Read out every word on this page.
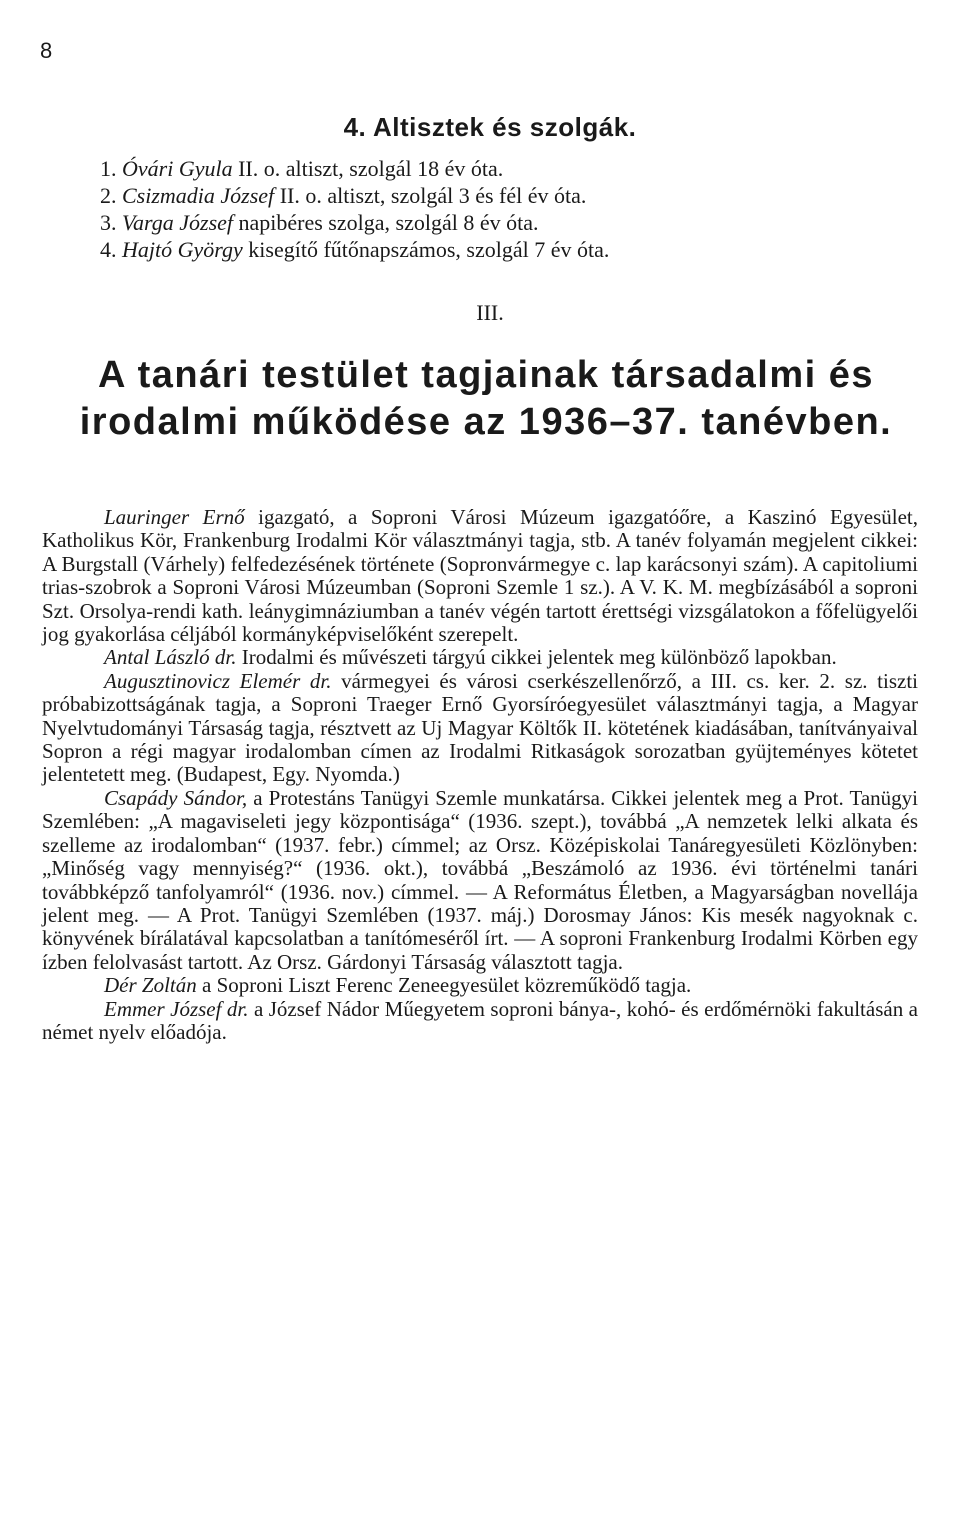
8
4. Altisztek és szolgák.
1. Óvári Gyula II. o. altiszt, szolgál 18 év óta.
2. Csizmadia József II. o. altiszt, szolgál 3 és fél év óta.
3. Varga József napibéres szolga, szolgál 8 év óta.
4. Hajtó György kisegítő fűtőnapszámos, szolgál 7 év óta.
III.
A tanári testület tagjainak társadalmi és irodalmi működése az 1936–37. tanévben.

Lauringer Ernő igazgató, a Soproni Városi Múzeum igazgatóőre, a Kaszinó Egyesület, Katholikus Kör, Frankenburg Irodalmi Kör választmányi tagja, stb. A tanév folyamán megjelent cikkei: A Burgstall (Várhely) felfedezésének története (Sopronvármegye c. lap karácsonyi szám). A capitoliumi trias-szobrok a Soproni Városi Múzeumban (Soproni Szemle 1 sz.). A V. K. M. megbízásából a soproni Szt. Orsolya-rendi kath. leánygimnáziumban a tanév végén tartott érettségi vizsgálatokon a főfelügyelői jog gyakorlása céljából kormányképviselőként szerepelt.

Antal László dr. Irodalmi és művészeti tárgyú cikkei jelentek meg különböző lapokban.

Augusztinovicz Elemér dr. vármegyei és városi cserkészellenőrző, a III. cs. ker. 2. sz. tiszti próbabizottságának tagja, a Soproni Traeger Ernő Gyorsíróegyesület választmányi tagja, a Magyar Nyelvtudományi Társaság tagja, résztvett az Uj Magyar Költők II. kötetének kiadásában, tanítványaival Sopron a régi magyar irodalomban címen az Irodalmi Ritkaságok sorozatban gyüjteményes kötetet jelentetett meg. (Budapest, Egy. Nyomda.)

Csapády Sándor, a Protestáns Tanügyi Szemle munkatársa. Cikkei jelentek meg a Prot. Tanügyi Szemlében: „A magaviseleti jegy központisága“ (1936. szept.), továbbá „A nemzetek lelki alkata és szelleme az irodalomban“ (1937. febr.) címmel; az Orsz. Középiskolai Tanáregyesületi Közlönyben: „Minőség vagy mennyiség?“ (1936. okt.), továbbá „Beszámoló az 1936. évi történelmi tanári továbbképző tanfolyamról“ (1936. nov.) címmel. — A Református Életben, a Magyarságban novellája jelent meg. — A Prot. Tanügyi Szemlében (1937. máj.) Dorosmay János: Kis mesék nagyoknak c. könyvének bírálatával kapcsolatban a tanítómeséről írt. — A soproni Frankenburg Irodalmi Körben egy ízben felolvasást tartott. Az Orsz. Gárdonyi Társaság választott tagja.

Dér Zoltán a Soproni Liszt Ferenc Zeneegyesület közreműködő tagja.

Emmer József dr. a József Nádor Műegyetem soproni bánya-, kohó- és erdőmérnöki fakultásán a német nyelv előadója.
